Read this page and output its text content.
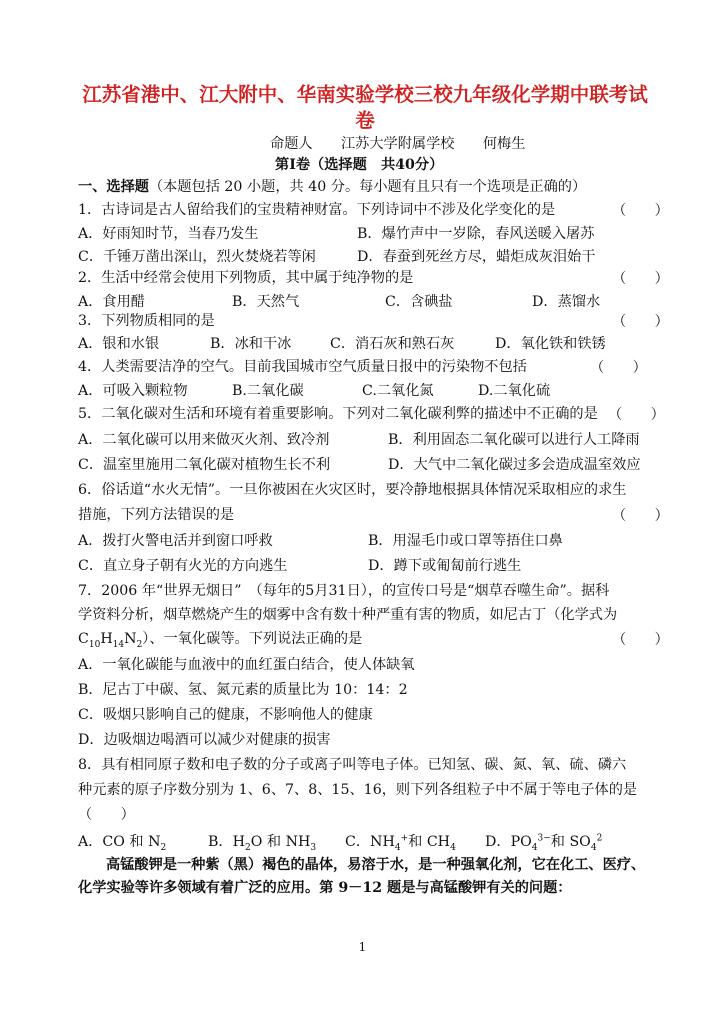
江苏省港中、江大附中、华南实验学校三校九年级化学期中联考试
卷
命题人　　江苏大学附属学校　　何梅生
第Ⅰ卷（选择题　共40分）
一、选择题（本题包括 20 小题，共 40 分。每小题有且只有一个选项是正确的）
1．古诗词是古人留给我们的宝贵精神财富。下列诗词中不涉及化学变化的是	（　　）
A．好雨知时节，当春乃发生	B．爆竹声中一岁除，春风送暖入屠苏
C．千锤万凿出深山，烈火焚烧若等闲	D．春蚕到死丝方尽，蜡炬成灰泪始干
2．生活中经常会使用下列物质，其中属于纯净物的是	（　　）
A．食用醋	B．天然气	C．含碘盐	D．蒸馏水
3．下列物质相同的是	（　　）
A．银和水银	B．冰和干冰	C．消石灰和熟石灰	D．氧化铁和铁锈
4．人类需要洁净的空气。目前我国城市空气质量日报中的污染物不包括	（　　）
A．可吸入颗粒物	B.二氧化碳	C.二氧化氮	D.二氧化硫
5．二氧化碳对生活和环境有着重要影响。下列对二氧化碳利弊的描述中不正确的是 （　　）
A．二氧化碳可以用来做灭火剂、致冷剂	B．利用固态二氧化碳可以进行人工降雨
C．温室里施用二氧化碳对植物生长不利	D．大气中二氧化碳过多会造成温室效应
6．俗话道“水火无情”。一旦你被困在火灾区时，要冷静地根据具体情况采取相应的求生
措施，下列方法错误的是	（　　）
A．拨打火警电活并到窗口呼救	B．用湿毛巾或口罩等捂住口鼻
C．直立身子朝有火光的方向逃生	D．蹲下或匍匐前行逃生
7．2006 年“世界无烟日”　（每年的5月31日），的宣传口号是“烟草吞噬生命”。据科
学资料分析，烟草燃烧产生的烟雾中含有数十种严重有害的物质，如尼古丁（化学式为
$C_{10}H_{14}N_2$）、一氧化碳等。下列说法正确的是	（　　）
A．一氧化碳能与血液中的血红蛋白结合，使人体缺氧
B．尼古丁中碳、氢、氮元素的质量比为 10：14：2
C．吸烟只影响自己的健康，不影响他人的健康
D．边吸烟边喝酒可以减少对健康的损害
8．具有相同原子数和电子数的分子或离子叫等电子体。已知氢、碳、氮、氧、硫、磷六
种元素的原子序数分别为 1、6、7、8、15、16，则下列各组粒子中不属于等电子体的是
（　　）
A．CO 和 $N_2$	B．$H_2O$ 和 $NH_3$ C．$NH_4^+$和 $CH_4$ D．$PO_4^{3-}$和 $SO_4^2$
高锰酸钾是一种紫（黑）褐色的晶体，易溶于水，是一种强氧化剂，它在化工、医疗、
化学实验等许多领域有着广泛的应用。第 9－12 题是与高锰酸钾有关的问题：
1
